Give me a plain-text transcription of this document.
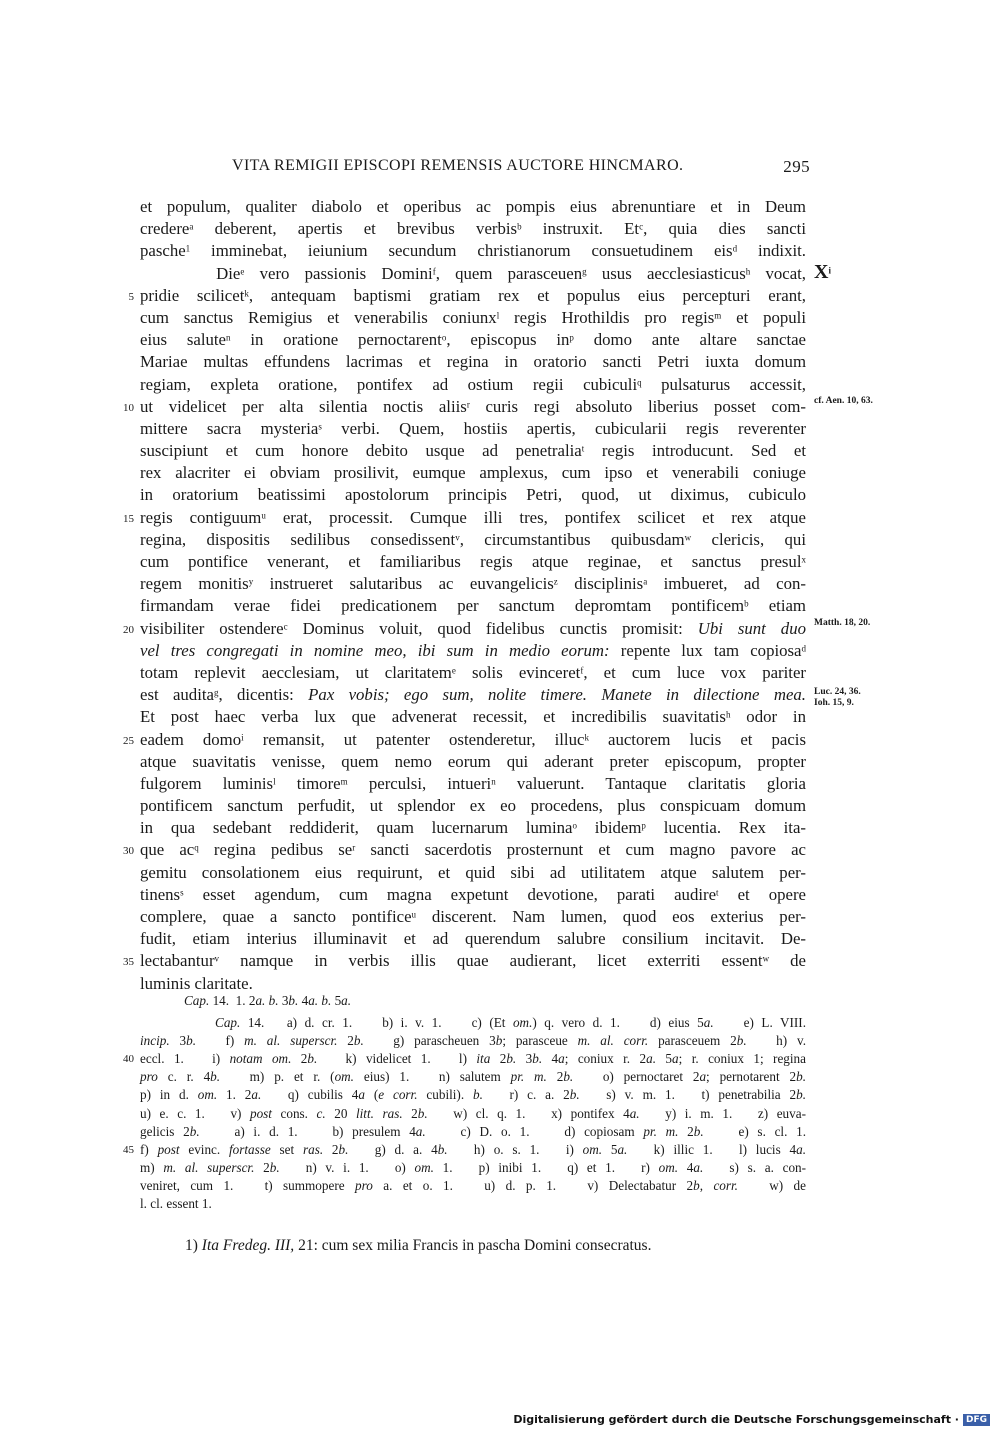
VITA REMIGII EPISCOPI REMENSIS AUCTORE HINCMARO.	295
et populum, qualiter diabolo et operibus ac pompis eius abrenuntiare et in Deum
credere$^a$ deberent, apertis et brevibus verbis$^b$ instruxit. Et$^c$, quia dies sancti
pasche$^1$ imminebat, ieiunium secundum christianorum consuetudinem eis$^d$ indixit.
Die$^e$ vero passionis Domini$^f$, quem parasceuen$^g$ usus aecclesiasticus$^h$ vocat, $X^i$
pridie scilicet$^k$, antequam baptismi gratiam rex et populus eius percepturi erant,
5
cum sanctus Remigius et venerabilis coniunx$^l$ regis Hrothildis pro regis$^m$ et populi
eius salute$^n$ in oratione pernoctarent$^o$, episcopus $in^p$ domo ante altare sanctae
Mariae multas effundens lacrimas et regina in oratorio sancti Petri iuxta domum
regiam, expleta oratione, pontifex ad ostium regii cubiculi$^q$ pulsaturus accessit,
ut videlicet per alta silentia noctis aliis$^r$ curis regi absoluto liberius posset com-
10
cf. Aen. 10, 63.
mittere sacra mysteria$^s$ verbi. Quem, hostiis apertis, cubicularii regis reverenter
suscipiunt et cum honore debito usque ad penetralia$^t$ regis introducunt. Sed et
rex alacriter ei obviam prosilivit, eumque amplexus, cum ipso et venerabili coniuge
in oratorium beatissimi apostolorum principis Petri, quod, ut diximus, cubiculo
regis contiguum$^u$ erat, processit. Cumque illi tres, pontifex scilicet et rex atque
15
regina, dispositis sedilibus consedissent$^v$, circumstantibus quibusdam$^w$ clericis, qui
cum pontifice venerant, et familiaribus regis atque reginae, et sanctus presul$^x$
regem monitis$^y$ instrueret salutaribus ac euvangelicis$^z$ disciplinis$^a$ imbueret, ad con-
firmandam verae fidei predicationem per sanctum depromtam pontificem$^b$ etiam
visibiliter ostendere$^c$ Dominus voluit, quod fidelibus cunctis promisit: Ubi sunt duo
20
Matth. 18, 20.
vel tres congregati in nomine meo, ibi sum in medio eorum: repente lux tam copiosa$^d$
totam replevit aecclesiam, ut claritatem$^e$ solis evinceret$^f$, et cum luce vox pariter
est audita$^g$, dicentis: Pax vobis; ego sum, nolite timere. Manete in dilectione mea. Luc. 24, 36.
Ioh. 15, 9.
Et post haec verba lux que advenerat recessit, et incredibilis suavitatis$^h$ odor in
eadem domo$^i$ remansit, ut patenter ostenderetur, illuc$^k$ auctorem lucis et pacis
25
atque suavitatis venisse, quem nemo eorum qui aderant preter episcopum, propter
fulgorem luminis$^l$ timore$^m$ perculsi, intueri$^n$ valuerunt. Tantaque claritatis gloria
pontificem sanctum perfudit, ut splendor ex eo procedens, plus conspicuam domum
in qua sedebant reddiderit, quam lucernarum lumina$^o$ ibidem$^p$ lucentia. Rex ita-
que $ac^q$ regina pedibus $se^r$ sancti sacerdotis prosternunt et cum magno pavore ac
30
gemitu consolationem eius requirunt, et quid sibi ad utilitatem atque salutem per-
tinens$^s$ esset agendum, cum magna expetunt devotione, parati audire$^t$ et opere
complere, quae a sancto pontifice$^u$ discerent. Nam lumen, quod eos exterius per-
fudit, etiam interius illuminavit et ad querendum salubre consilium incitavit. De-
lectabantur$^v$ namque in verbis illis quae audierant, licet exterriti essent$^w$ de
35
luminis claritate.
Cap. 14.  1. 2a. b. 3b. 4a. b. 5a.
Cap. 14.   a) d. cr. 1.    b) i. v. 1.    c) (Et om.) q. vero d. 1.    d) eius 5a.    e) L. VIII.
incip. 3b.   f) m. al. superscr. 2b.   g) parascheuen 3b; parasceue m. al. corr. parasceuem 2b.   h) v.
eccl. 1.   i) notam om. 2b.   k) videlicet 1.   l) ita 2b. 3b. 4a; coniux r. 2a. 5a; r. coniux 1; regina
40
pro c. r. 4b.   m) p. et r. (om. eius) 1.   n) salutem pr. m. 2b.   o) pernoctaret 2a; pernotarent 2b.
p) in d. om. 1. 2a.   q) cubilis 4a (e corr. cubili). b.   r) c. a. 2b.   s) v. m. 1.   t) penetrabilia 2b.
u) e. c. 1.   v) post cons. c. 20 litt. ras. 2b.   w) cl. q. 1.   x) pontifex 4a.   y) i. m. 1.   z) euva-
gelicis 2b.    a) i. d. 1.    b) presulem 4a.    c) D. o. 1.    d) copiosam pr. m. 2b.    e) s. cl. 1.
f) post evinc. fortasse set ras. 2b.   g) d. a. 4b.   h) o. s. 1.   i) om. 5a.   k) illic 1.   l) lucis 4a.
45
m) m. al. superscr. 2b.   n) v. i. 1.   o) om. 1.   p) inibi 1.   q) et 1.   r) om. 4a.   s) s. a. con-
veniret, cum 1.   t) summopere pro a. et o. 1.   u) d. p. 1.   v) Delectabatur 2b, corr.   w) de
l. cl. essent 1.
1) Ita Fredeg. III, 21: cum sex milia Francis in pascha Domini consecratus.
Digitalisierung gefördert durch die Deutsche Forschungsgemeinschaft · DFG
